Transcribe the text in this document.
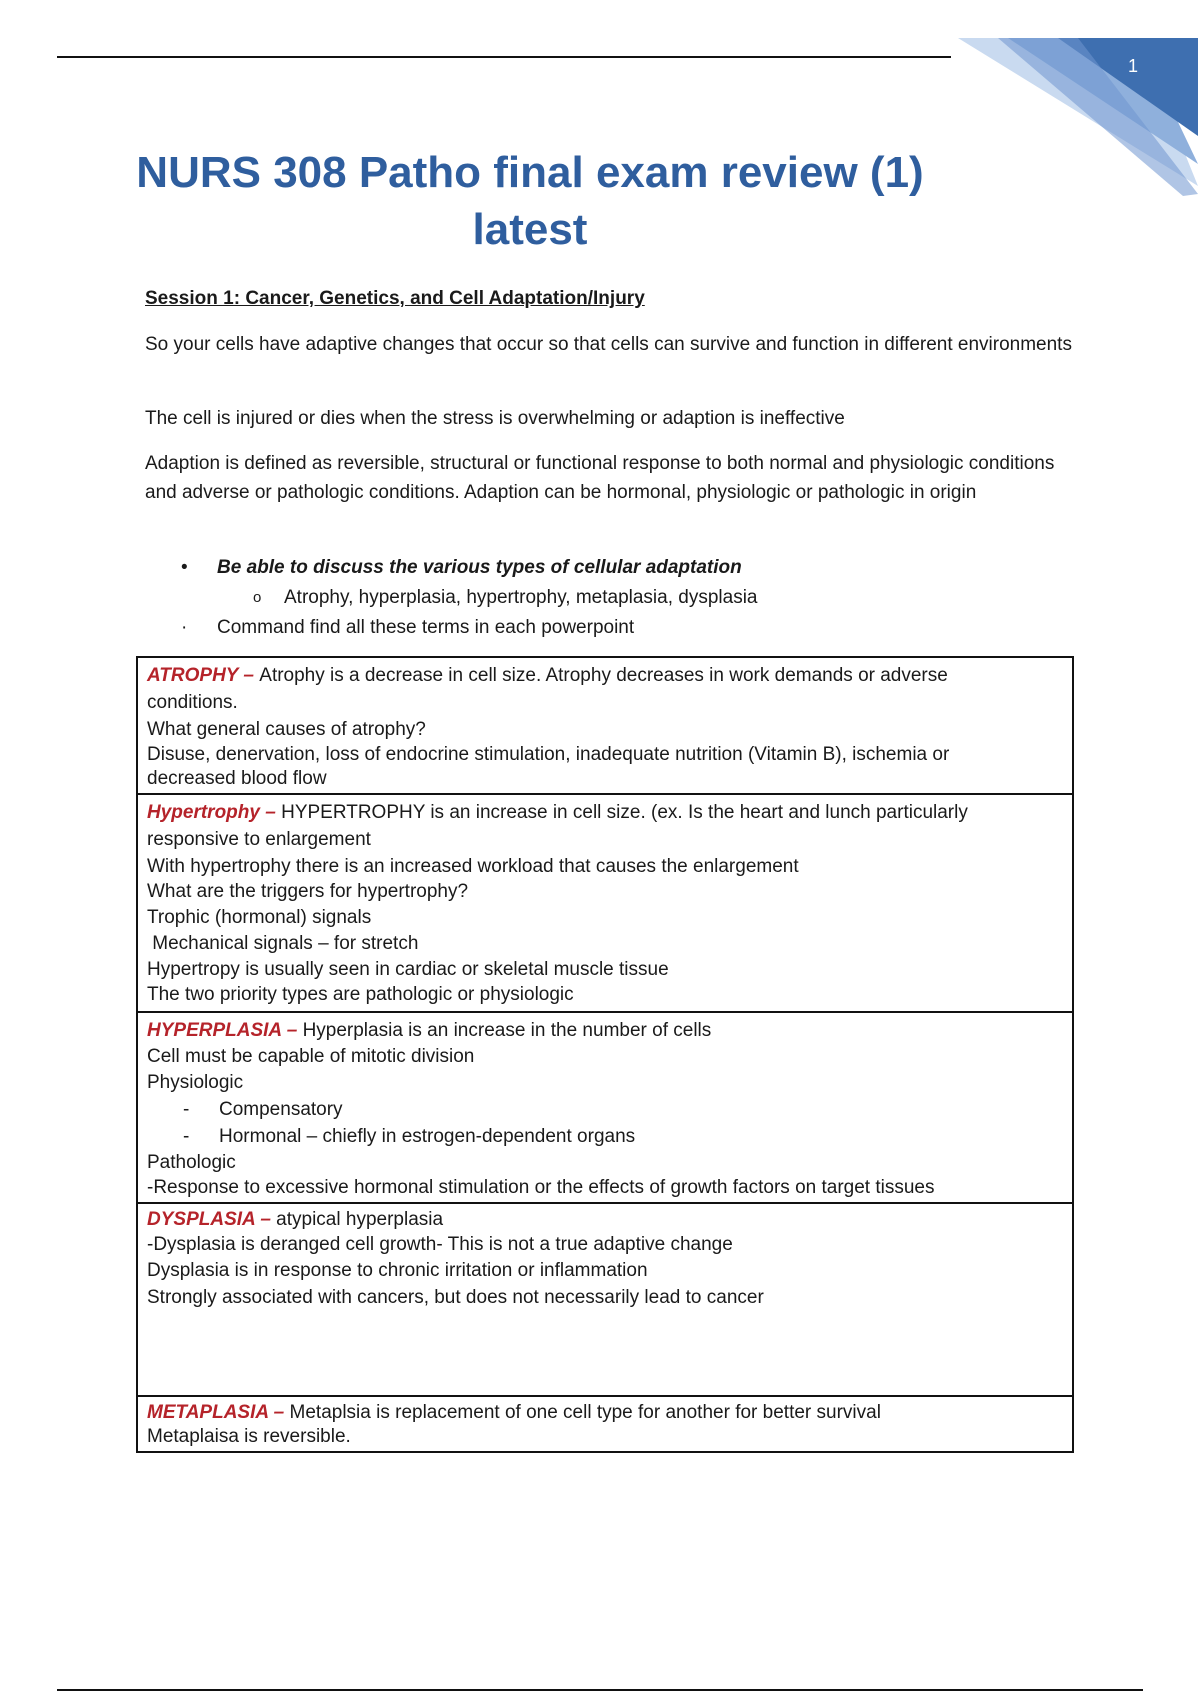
1
NURS 308 Patho final exam review (1) latest
Session 1: Cancer, Genetics, and Cell Adaptation/Injury
So your cells have adaptive changes that occur so that cells can survive and function in different environments
The cell is injured or dies when the stress is overwhelming or adaption is ineffective
Adaption is defined as reversible, structural or functional response to both normal and physiologic conditions and adverse or pathologic conditions. Adaption can be hormonal, physiologic or pathologic in origin
• Be able to discuss the various types of cellular adaptation
o Atrophy, hyperplasia, hypertrophy, metaplasia, dysplasia
· Command find all these terms in each powerpoint
ATROPHY – Atrophy is a decrease in cell size. Atrophy decreases in work demands or adverse
conditions.
What general causes of atrophy?
Disuse, denervation, loss of endocrine stimulation, inadequate nutrition (Vitamin B), ischemia or
decreased blood flow
Hypertrophy – HYPERTROPHY is an increase in cell size. (ex. Is the heart and lunch particularly
responsive to enlargement
With hypertrophy there is an increased workload that causes the enlargement
What are the triggers for hypertrophy?
Trophic (hormonal) signals
Mechanical signals – for stretch
Hypertropy is usually seen in cardiac or skeletal muscle tissue
The two priority types are pathologic or physiologic
HYPERPLASIA – Hyperplasia is an increase in the number of cells
Cell must be capable of mitotic division
Physiologic
- Compensatory
- Hormonal – chiefly in estrogen-dependent organs
Pathologic
-Response to excessive hormonal stimulation or the effects of growth factors on target tissues
DYSPLASIA – atypical hyperplasia
-Dysplasia is deranged cell growth- This is not a true adaptive change
Dysplasia is in response to chronic irritation or inflammation
Strongly associated with cancers, but does not necessarily lead to cancer
METAPLASIA – Metaplsia is replacement of one cell type for another for better survival
Metaplaisa is reversible.
